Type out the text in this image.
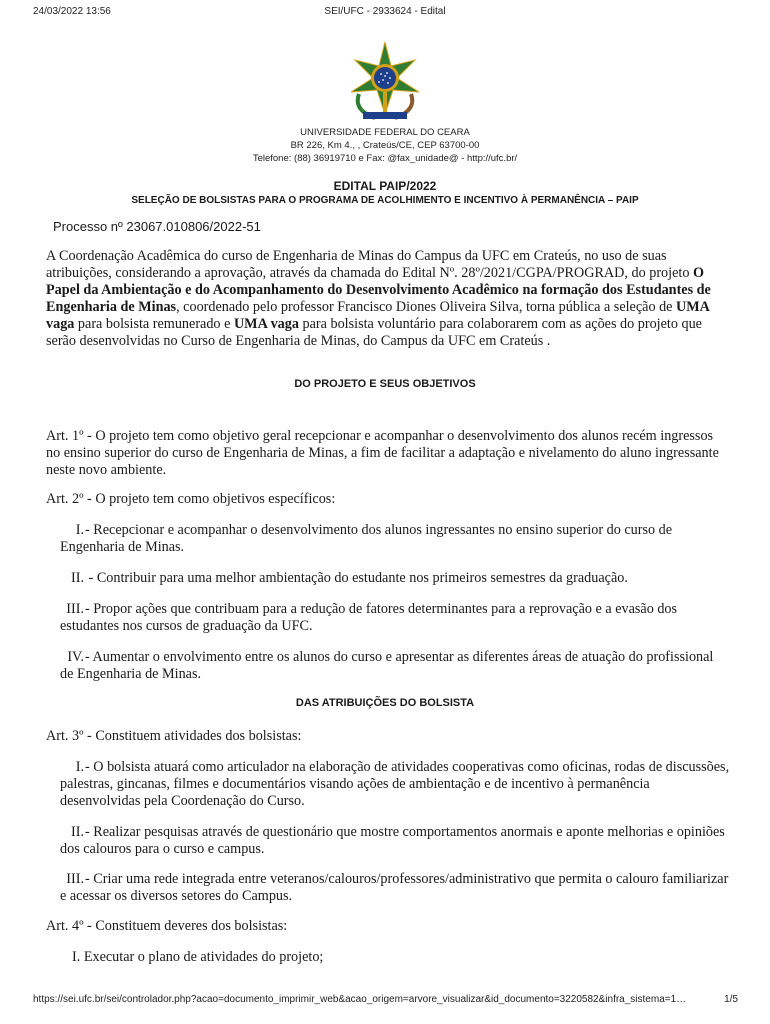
24/03/2022 13:56	SEI/UFC - 2933624 - Edital
UNIVERSIDADE FEDERAL DO CEARA
BR 226, Km 4., , Crateús/CE, CEP 63700-00
Telefone: (88) 36919710 e Fax: @fax_unidade@ - http://ufc.br/
EDITAL PAIP/2022
SELEÇÃO DE BOLSISTAS PARA O PROGRAMA DE ACOLHIMENTO E INCENTIVO À PERMANÊNCIA – PAIP
Processo nº 23067.010806/2022-51
A Coordenação Acadêmica do curso de Engenharia de Minas do Campus da UFC em Crateús, no uso de suas atribuições, considerando a aprovação, através da chamada do Edital Nº. 28º/2021/CGPA/PROGRAD, do projeto O Papel da Ambientação e do Acompanhamento do Desenvolvimento Acadêmico na formação dos Estudantes de Engenharia de Minas, coordenado pelo professor Francisco Diones Oliveira Silva, torna pública a seleção de UMA vaga para bolsista remunerado e UMA vaga para bolsista voluntário para colaborarem com as ações do projeto que serão desenvolvidas no Curso de Engenharia de Minas, do Campus da UFC em Crateús .
DO PROJETO E SEUS OBJETIVOS
Art. 1º - O projeto tem como objetivo geral recepcionar e acompanhar o desenvolvimento dos alunos recém ingressos no ensino superior do curso de Engenharia de Minas, a fim de facilitar a adaptação e nivelamento do aluno ingressante neste novo ambiente.
Art. 2º - O projeto tem como objetivos específicos:
I.- Recepcionar e acompanhar o desenvolvimento dos alunos ingressantes no ensino superior do curso de Engenharia de Minas.
II. - Contribuir para uma melhor ambientação do estudante nos primeiros semestres da graduação.
III.- Propor ações que contribuam para a redução de fatores determinantes para a reprovação e a evasão dos estudantes nos cursos de graduação da UFC.
IV.- Aumentar o envolvimento entre os alunos do curso e apresentar as diferentes áreas de atuação do profissional de Engenharia de Minas.
DAS ATRIBUIÇÕES DO BOLSISTA
Art. 3º - Constituem atividades dos bolsistas:
I.- O bolsista atuará como articulador na elaboração de atividades cooperativas como oficinas, rodas de discussões, palestras, gincanas, filmes e documentários visando ações de ambientação e de incentivo à permanência desenvolvidas pela Coordenação do Curso.
II.- Realizar pesquisas através de questionário que mostre comportamentos anormais e aponte melhorias e opiniões dos calouros para o curso e campus.
III.- Criar uma rede integrada entre veteranos/calouros/professores/administrativo que permita o calouro familiarizar e acessar os diversos setores do Campus.
Art. 4º - Constituem deveres dos bolsistas:
I. Executar o plano de atividades do projeto;
https://sei.ufc.br/sei/controlador.php?acao=documento_imprimir_web&acao_origem=arvore_visualizar&id_documento=3220582&infra_sistema=1…	1/5
